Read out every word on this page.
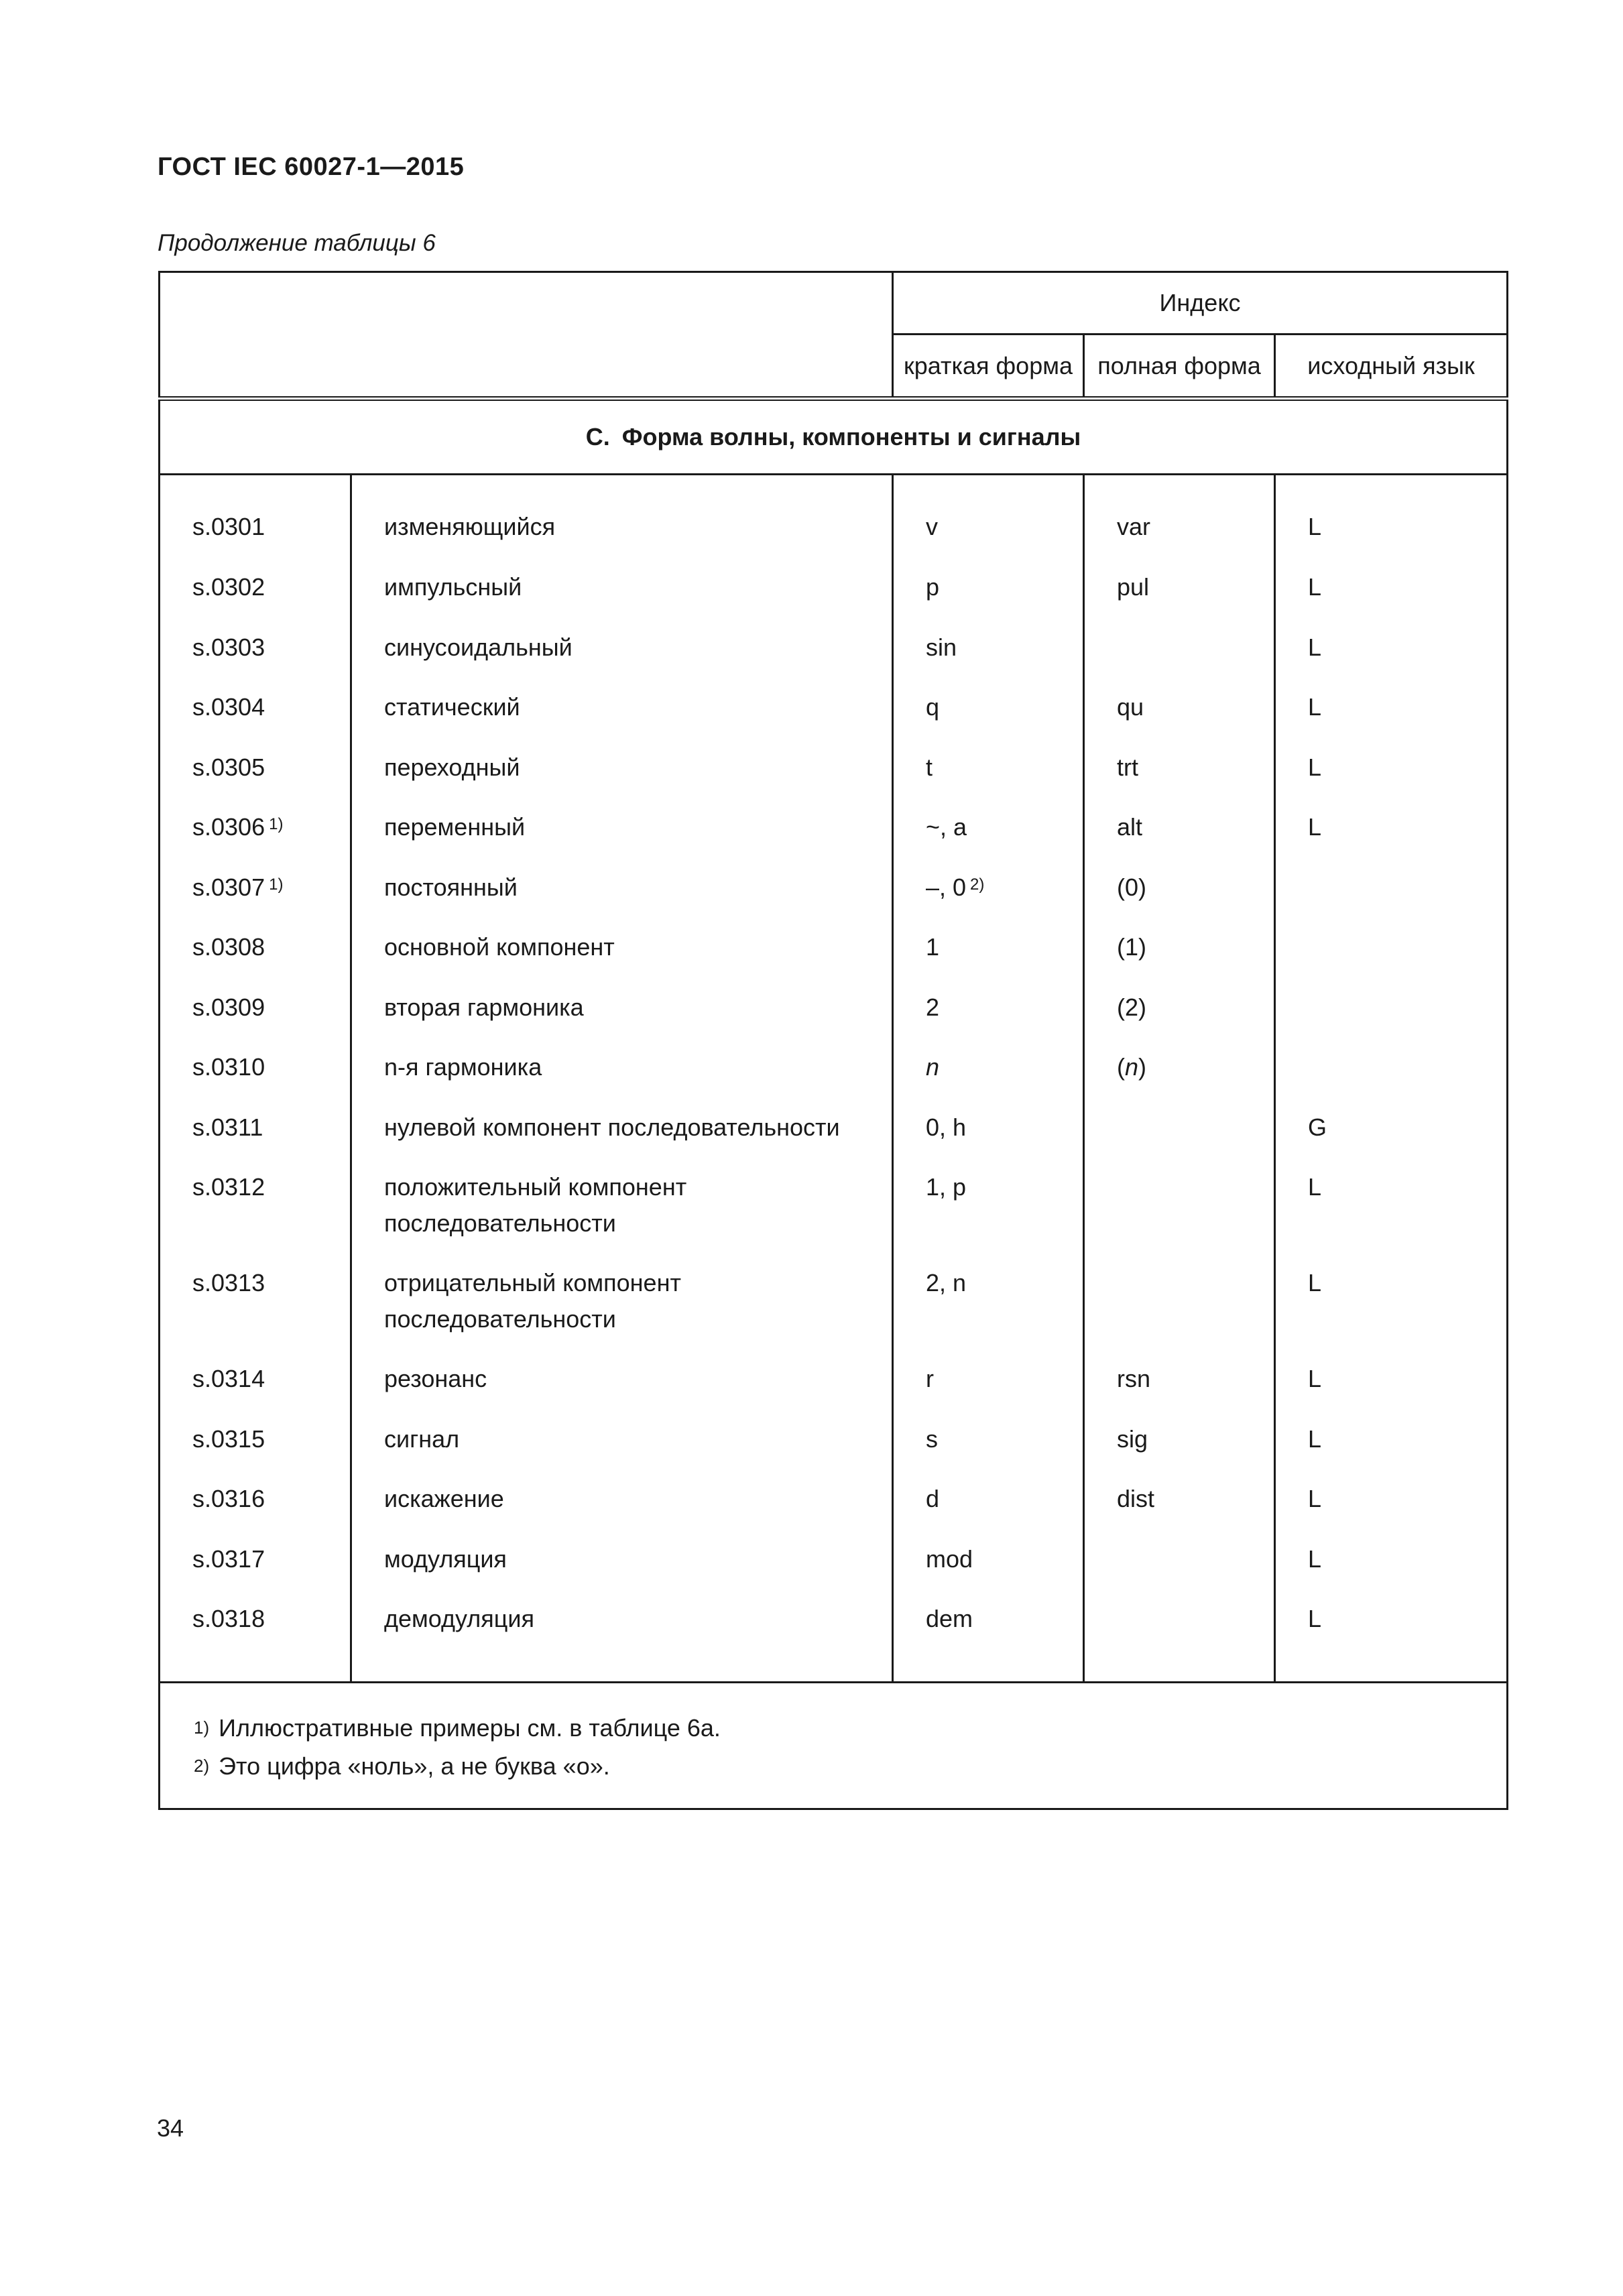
ГОСТ IEC 60027-1—2015
Продолжение таблицы 6
		Индекс		
		краткая форма	полная форма	исходный язык
C. Форма волны, компоненты и сигналы				

s.0301	изменяющийся	v	var	L

s.0302	импульсный	p	pul	L

s.0303	синусоидальный	sin		L

s.0304	статический	q	qu	L

s.0305	переходный	t	trt	L

s.0306 $^{1)}$	переменный	~, a	alt	L

s.0307 $^{1)}$	постоянный	–, 0 $^{2)}$	(0)	

s.0308	основной компонент	1	(1)	

s.0309	вторая гармоника	2	(2)	

s.0310	n-я гармоника	n	(n)	

s.0311	нулевой компонент последовательности	0, h		G

s.0312	положительный компонент
последовательности	1, p		L

s.0313	отрицательный компонент
последовательности	2, n		L

s.0314	резонанс	r	rsn	L

s.0315	сигнал	s	sig	L

s.0316	искажение	d	dist	L

s.0317	модуляция	mod		L

s.0318	демодуляция	dem		L

$^{1)}$ Иллюстративные примеры см. в таблице 6а.
$^{2)}$ Это цифра «ноль», а не буква «о».				
34
